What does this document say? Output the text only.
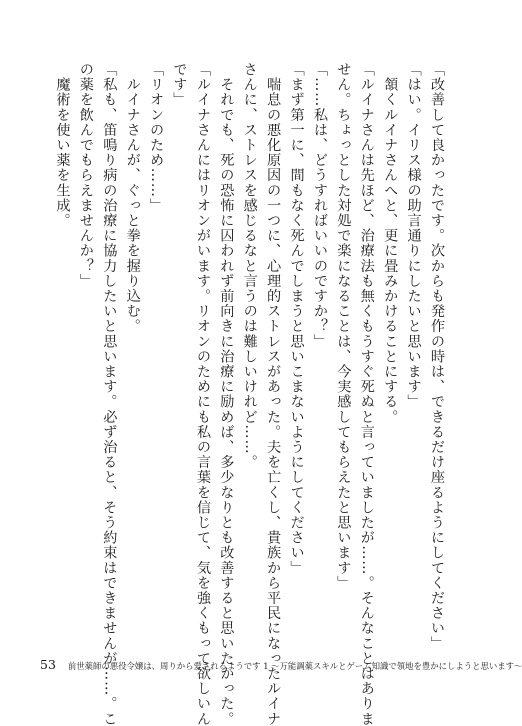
「改善して良かったです。次からも発作の時は、できるだけ座るようにしてください」
「はい。イリス様の助言通りにしたいと思います」
　頷くルイナさんへと、更に畳みかけることにする。
「ルイナさんは先ほど、治療法も無くもうすぐ死ぬと言っていましたが……。そんなことはありま
せん。ちょっとした対処で楽になることは、今実感してもらえたと思います」
「……私は、どうすればいいのですか？」
「まず第一に、間もなく死んでしまうと思いこまないようにしてください」
　喘息の悪化原因の一つに、心理的ストレスがあった。夫を亡くし、貴族から平民になったルイナ
さんに、ストレスを感じるなと言うのは難しいけれど……。
　それでも、死の恐怖に囚われず前向きに治療に励めば、多少なりとも改善すると思いたかった。
「ルイナさんにはリオンがいます。リオンのためにも私の言葉を信じて、気を強くもって欲しいん
です」
「リオンのため……」
　ルイナさんが、ぐっと拳を握り込む。
「私も、笛鳴り病の治療に協力したいと思います。必ず治ると、そう約束はできませんが……。こ
の薬を飲んでもらえませんか？」
　魔術を使い薬を生成。
53 前世薬師の悪役令嬢は、周りから愛されるようです 1 ～万能調薬スキルとゲーム知識で領地を豊かにしようと思います～
